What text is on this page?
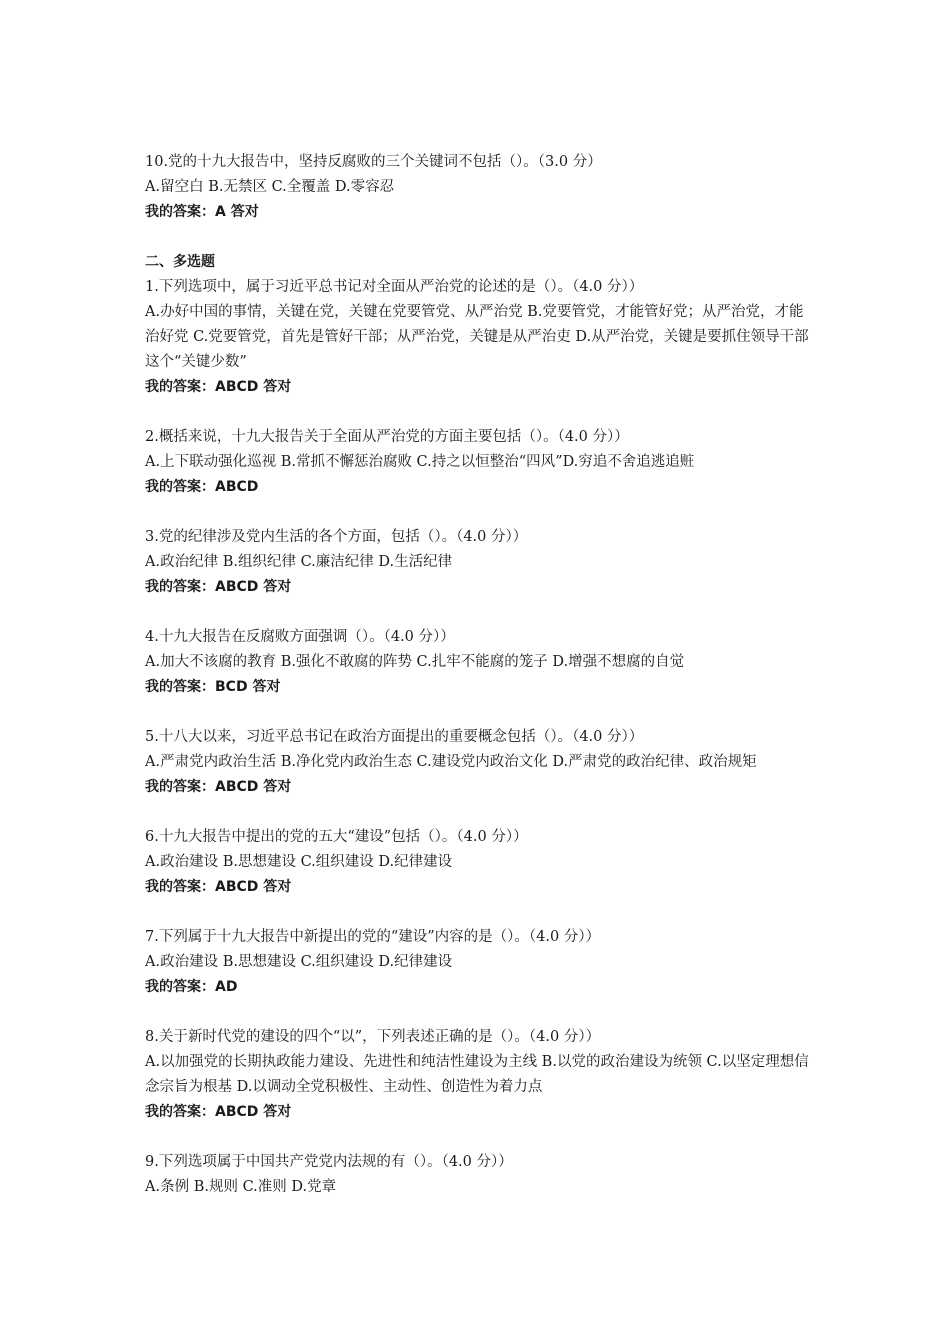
10.党的十九大报告中，坚持反腐败的三个关键词不包括（）。（3.0 分）
A.留空白 B.无禁区 C.全覆盖 D.零容忍
我的答案：A 答对
二、多选题
1.下列选项中，属于习近平总书记对全面从严治党的论述的是（）。（4.0 分））
A.办好中国的事情，关键在党，关键在党要管党、从严治党 B.党要管党，才能管好党；从严治党，才能治好党 C.党要管党，首先是管好干部；从严治党，关键是从严治吏 D.从严治党，关键是要抓住领导干部这个“关键少数”
我的答案：ABCD 答对
2.概括来说，十九大报告关于全面从严治党的方面主要包括（）。（4.0 分））
A.上下联动强化巡视 B.常抓不懈惩治腐败 C.持之以恒整治“四风”D.穷追不舍追逃追赃
我的答案：ABCD
3.党的纪律涉及党内生活的各个方面，包括（）。（4.0 分））
A.政治纪律 B.组织纪律 C.廉洁纪律 D.生活纪律
我的答案：ABCD 答对
4.十九大报告在反腐败方面强调（）。（4.0 分））
A.加大不该腐的教育 B.强化不敢腐的阵势 C.扎牢不能腐的笼子 D.增强不想腐的自觉
我的答案：BCD 答对
5.十八大以来，习近平总书记在政治方面提出的重要概念包括（）。（4.0 分））
A.严肃党内政治生活 B.净化党内政治生态 C.建设党内政治文化 D.严肃党的政治纪律、政治规矩
我的答案：ABCD 答对
6.十九大报告中提出的党的五大“建设”包括（）。（4.0 分））
A.政治建设 B.思想建设 C.组织建设 D.纪律建设
我的答案：ABCD 答对
7.下列属于十九大报告中新提出的党的“建设”内容的是（）。（4.0 分））
A.政治建设 B.思想建设 C.组织建设 D.纪律建设
我的答案：AD
8.关于新时代党的建设的四个“以”，下列表述正确的是（）。（4.0 分））
A.以加强党的长期执政能力建设、先进性和纯洁性建设为主线 B.以党的政治建设为统领 C.以坚定理想信念宗旨为根基 D.以调动全党积极性、主动性、创造性为着力点
我的答案：ABCD 答对
9.下列选项属于中国共产党党内法规的有（）。（4.0 分））
A.条例 B.规则 C.准则 D.党章
